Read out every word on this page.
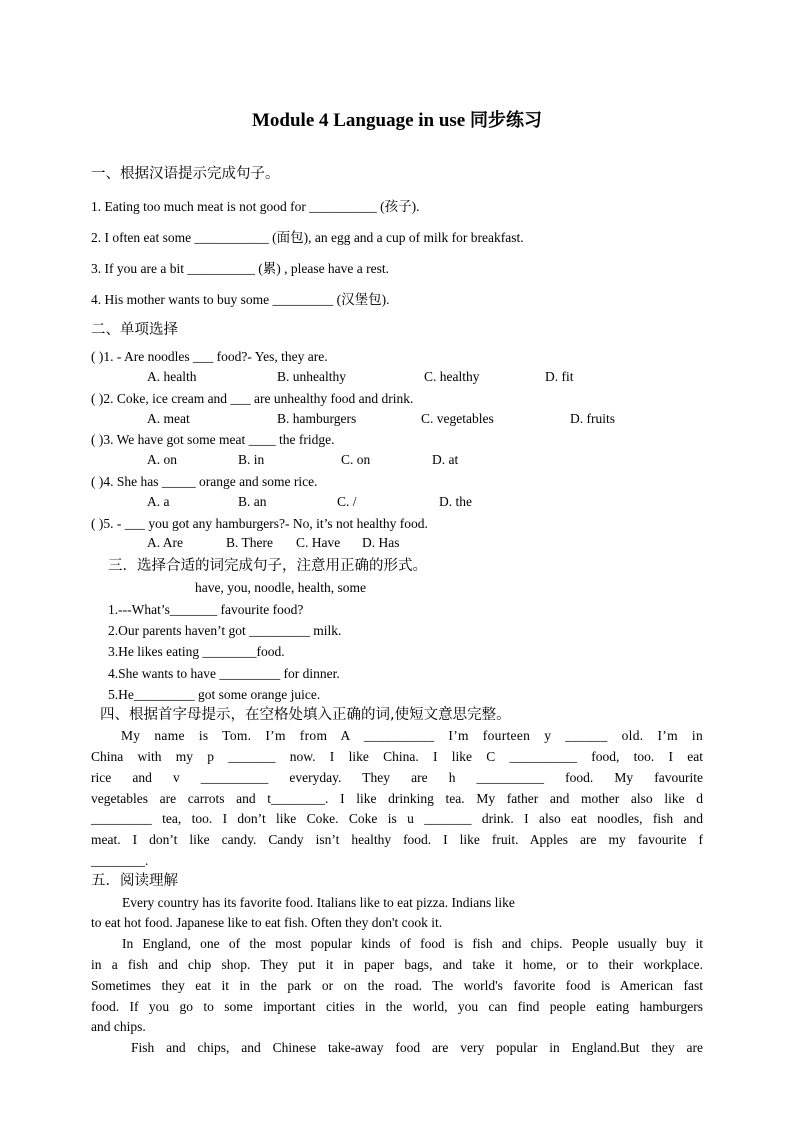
Module 4 Language in use 同步练习
一、根据汉语提示完成句子。
1. Eating too much meat is not good for __________ (孩子).
2. I often eat some ___________ (面包), an egg and a cup of milk for breakfast.
3. If you are a bit __________ (累) , please have a rest.
4. His mother wants to buy some _________ (汉堡包).
二、单项选择
( )1. - Are noodles ___ food?- Yes, they are.
A. health	B. unhealthy	C. healthy	D. fit
( )2. Coke, ice cream and ___ are unhealthy food and drink.
A. meat	B. hamburgers	C. vegetables	D. fruits
( )3. We have got some meat ____ the fridge.
A. on	B. in	C. on	D. at
( )4. She has _____ orange and some rice.
A. a	B. an	C. /	D. the
( )5. - ___ you got any hamburgers?- No, it’s not healthy food.
A. Are	B. There C. Have D. Has
三．选择合适的词完成句子，注意用正确的形式。
have, you, noodle, health, some
1.---What’s_______ favourite food?
2.Our parents haven’t got _________ milk.
3.He likes eating ________food.
4.She wants to have _________ for dinner.
5.He_________ got some orange juice.
四、根据首字母提示，在空格处填入正确的词,使短文意思完整。
My name is Tom. I’m from A __________ I’m fourteen y ______ old. I’m in
China with my p _______ now. I like China. I like C __________ food, too. I eat
rice and v __________ everyday. They are h __________ food. My favourite
vegetables are carrots and t________. I like drinking tea. My father and mother also like d
_________ tea, too. I don’t like Coke. Coke is u _______ drink. I also eat noodles, fish and
meat. I don’t like candy. Candy isn’t healthy food. I like fruit. Apples are my favourite f
________.
五．阅读理解
Every country has its favorite food. Italians like to eat pizza. Indians like
to eat hot food. Japanese like to eat fish. Often they don't cook it.
In England, one of the most popular kinds of food is fish and chips. People usually buy it
in a fish and chip shop. They put it in paper bags, and take it home, or to their workplace.
Sometimes they eat it in the park or on the road. The world's favorite food is American fast
food. If you go to some important cities in the world, you can find people eating hamburgers
and chips.
Fish and chips, and Chinese take-away food are very popular in England.But they are
